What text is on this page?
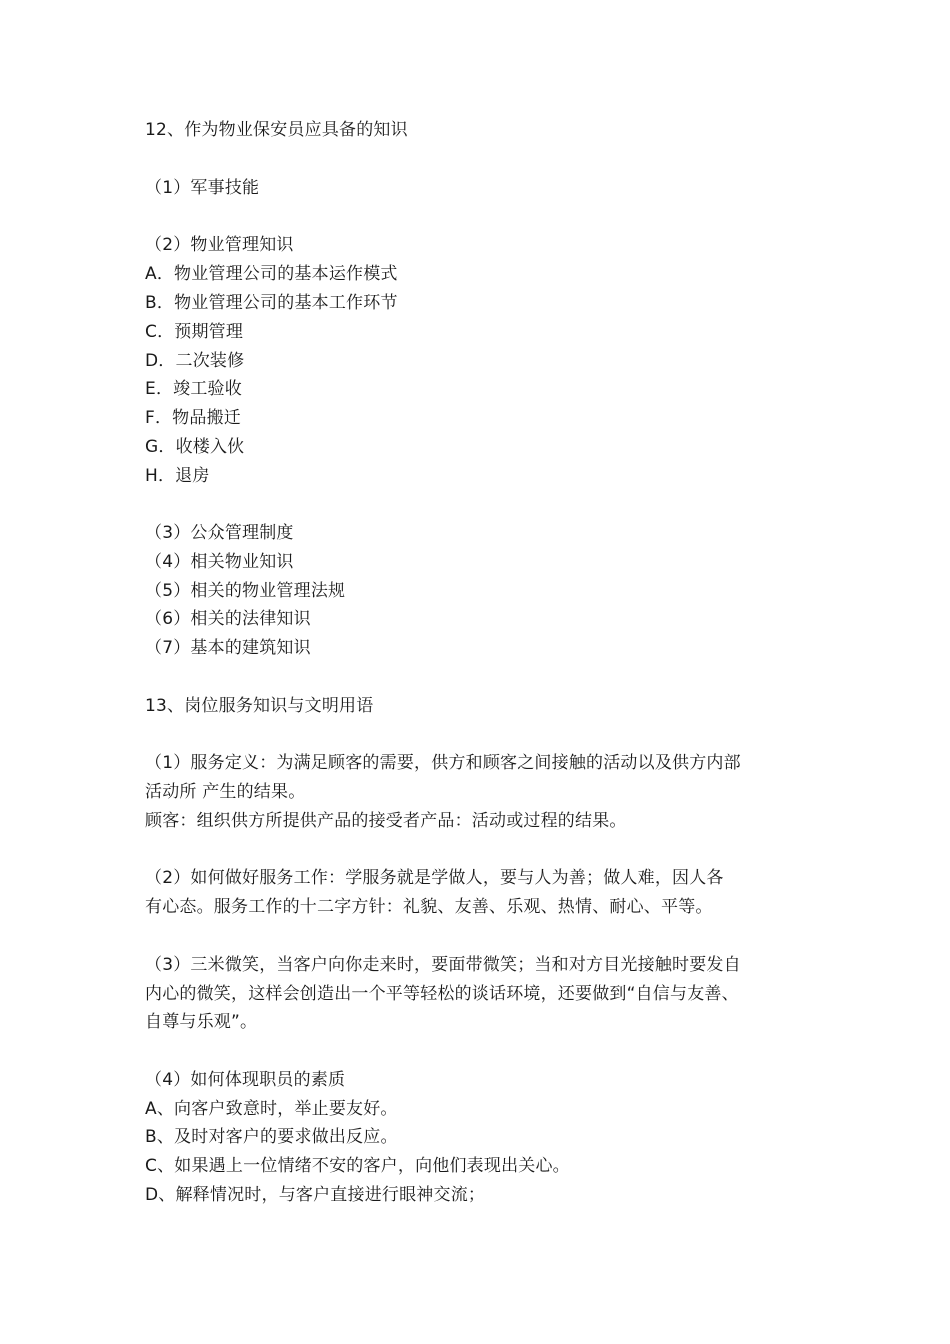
12、作为物业保安员应具备的知识
（1）军事技能
（2）物业管理知识
A．物业管理公司的基本运作模式
B．物业管理公司的基本工作环节
C．预期管理
D．二次装修
E．竣工验收
F．物品搬迁
G．收楼入伙
H．退房
（3）公众管理制度
（4）相关物业知识
（5）相关的物业管理法规
（6）相关的法律知识
（7）基本的建筑知识
13、岗位服务知识与文明用语
（1）服务定义：为满足顾客的需要，供方和顾客之间接触的活动以及供方内部
活动所 产生的结果。
顾客：组织供方所提供产品的接受者产品：活动或过程的结果。
（2）如何做好服务工作：学服务就是学做人，要与人为善；做人难，因人各
有心态。服务工作的十二字方针：礼貌、友善、乐观、热情、耐心、平等。
（3）三米微笑，当客户向你走来时，要面带微笑；当和对方目光接触时要发自
内心的微笑，这样会创造出一个平等轻松的谈话环境，还要做到“自信与友善、
自尊与乐观”。
（4）如何体现职员的素质
A、向客户致意时，举止要友好。
B、及时对客户的要求做出反应。
C、如果遇上一位情绪不安的客户，向他们表现出关心。
D、解释情况时，与客户直接进行眼神交流；
